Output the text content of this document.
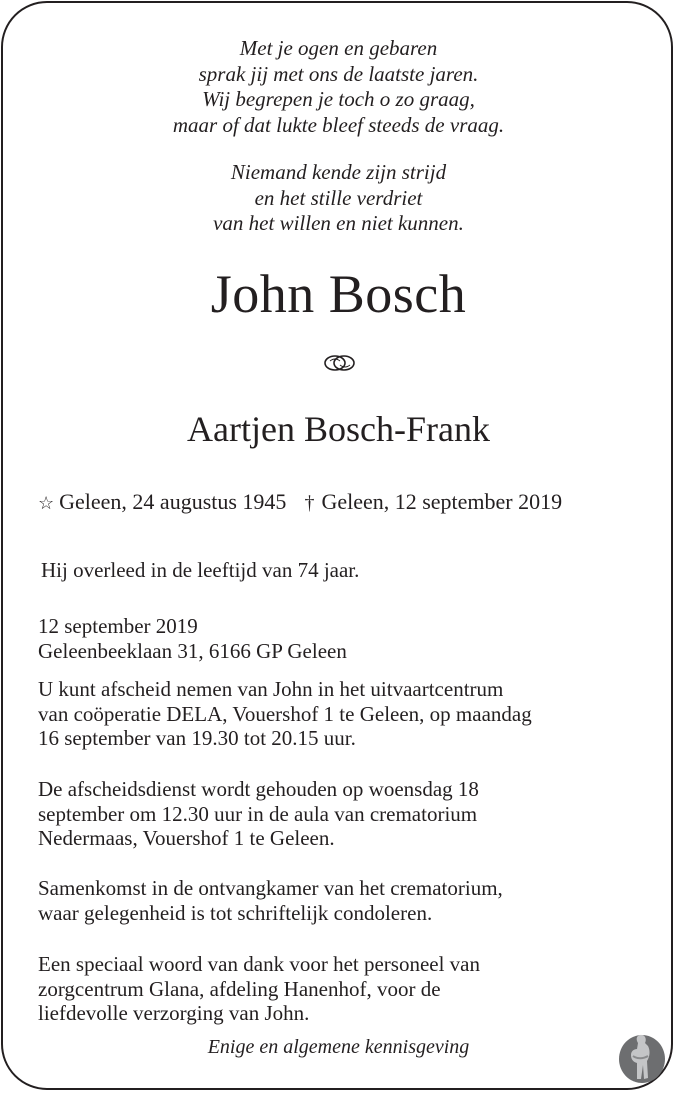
Met je ogen en gebaren
sprak jij met ons de laatste jaren.
Wij begrepen je toch o zo graag,
maar of dat lukte bleef steeds de vraag.
Niemand kende zijn strijd
en het stille verdriet
van het willen en niet kunnen.
John Bosch
Aartjen Bosch-Frank
☆ Geleen, 24 augustus 1945 † Geleen, 12 september 2019
Hij overleed in de leeftijd van 74 jaar.
12 september 2019
Geleenbeeklaan 31, 6166 GP Geleen
U kunt afscheid nemen van John in het uitvaartcentrum
van coöperatie DELA, Vouershof 1 te Geleen, op maandag
16 september van 19.30 tot 20.15 uur.
De afscheidsdienst wordt gehouden op woensdag 18
september om 12.30 uur in de aula van crematorium
Nedermaas, Vouershof 1 te Geleen.
Samenkomst in de ontvangkamer van het crematorium,
waar gelegenheid is tot schriftelijk condoleren.
Een speciaal woord van dank voor het personeel van
zorgcentrum Glana, afdeling Hanenhof, voor de
liefdevolle verzorging van John.
Enige en algemene kennisgeving
